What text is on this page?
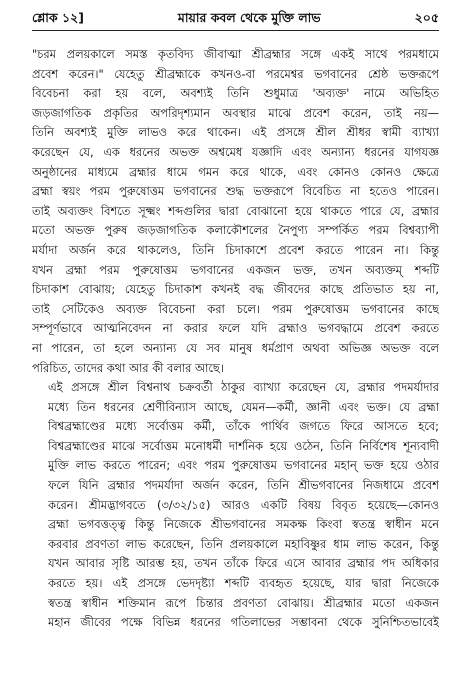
শ্লোক ১২]	মায়ার কবল থেকে মুক্তি লাভ	২০৫

"চরম প্রলয়কালে সমস্ত কৃতবিদ্য জীবাত্মা শ্রীব্রহ্মার সঙ্গে একই সাথে পরমধামে
প্রবেশ করেন।" যেহেতু শ্রীব্রহ্মাকে কখনও-বা পরমেশ্বর ভগবানের শ্রেষ্ঠ ভক্তরূপে
বিবেচনা করা হয় বলে, অবশ্যই তিনি শুধুমাত্র 'অব্যক্ত' নামে অভিহিত
জড়জাগতিক প্রকৃতির অপরিদৃশ্যমান অবস্থার মাঝে প্রবেশ করেন, তাই নয়—
তিনি অবশ্যই মুক্তি লাভও করে থাকেন। এই প্রসঙ্গে শ্রীল শ্রীধর স্বামী ব্যাখ্যা
করেছেন যে, এক ধরনের অভক্ত অশ্বমেধ যজ্ঞাদি এবং অন্যান্য ধরনের যাগযজ্ঞ
অনুষ্ঠানের মাধ্যমে ব্রহ্মার ধামে গমন করে থাকে, এবং কোনও কোনও ক্ষেত্রে
ব্রহ্মা স্বয়ং পরম পুরুষোত্তম ভগবানের শুদ্ধ ভক্তরূপে বিবেচিত না হতেও পারেন।
তাই অব্যক্তং বিশতে সূক্ষ্মং শব্দগুলির দ্বারা বোঝানো হয়ে থাকতে পারে যে, ব্রহ্মার
মতো অভক্ত পুরুষ জড়জাগতিক কলাকৌশলের নৈপুণ্য সম্পর্কিত পরম বিশ্বব্যাপী
মর্যাদা অর্জন করে থাকলেও, তিনি চিদাকাশে প্রবেশ করতে পারেন না। কিন্তু
যখন ব্রহ্মা পরম পুরুষোত্তম ভগবানের একজন ভক্ত, তখন অব্যক্তম্ শব্দটি
চিদাকাশ বোঝায়; যেহেতু চিদাকাশ কখনই বদ্ধ জীবদের কাছে প্রতিভাত হয় না,
তাই সেটিকেও অব্যক্ত বিবেচনা করা চলে। পরম পুরুষোত্তম ভগবানের কাছে
সম্পূর্ণভাবে আত্মনিবেদন না করার ফলে যদি ব্রহ্মাও ভগবদ্ধামে প্রবেশ করতে
না পারেন, তা হলে অন্যান্য যে সব মানুষ ধর্মপ্রাণ অথবা অভিজ্ঞ অভক্ত বলে
পরিচিত, তাদের কথা আর কী বলার আছে।

এই প্রসঙ্গে শ্রীল বিশ্বনাথ চক্রবর্তী ঠাকুর ব্যাখ্যা করেছেন যে, ব্রহ্মার পদমর্যাদার
মধ্যে তিন ধরনের শ্রেণীবিন্যাস আছে, যেমন—কর্মী, জ্ঞানী এবং ভক্ত। যে ব্রহ্মা
বিশ্বব্রহ্মাণ্ডের মধ্যে সর্বোত্তম কর্মী, তাঁকে পার্থিব জগতে ফিরে আসতে হবে;
বিশ্বব্রহ্মাণ্ডের মাঝে সর্বোত্তম মনোধর্মী দার্শনিক হয়ে ওঠেন, তিনি নির্বিশেষ শূন্যবাদী
মুক্তি লাভ করতে পারেন; এবং পরম পুরুষোত্তম ভগবানের মহান্ ভক্ত হয়ে ওঠার
ফলে যিনি ব্রহ্মার পদমর্যাদা অর্জন করেন, তিনি শ্রীভগবানের নিজধামে প্রবেশ
করেন। শ্রীমদ্ভাগবতে (৩/৩২/১৫) আরও একটি বিষয় বিবৃত হয়েছে—কোনও
ব্রহ্মা ভগবত্তত্ত্ব কিন্তু নিজেকে শ্রীভগবানের সমকক্ষ কিংবা স্বতন্ত্র স্বাধীন মনে
করবার প্রবণতা লাভ করেছেন, তিনি প্রলয়কালে মহাবিষ্ণুর ধাম লাভ করেন, কিন্তু
যখন আবার সৃষ্টি আরম্ভ হয়, তখন তাঁকে ফিরে এসে আবার ব্রহ্মার পদ অধিকার
করতে হয়। এই প্রসঙ্গে ভেদদৃষ্ট্যা শব্দটি ব্যবহৃত হয়েছে, যার দ্বারা নিজেকে
স্বতন্ত্র স্বাধীন শক্তিমান রূপে চিন্তার প্রবণতা বোঝায়। শ্রীব্রহ্মার মতো একজন
মহান জীবের পক্ষে বিভিন্ন ধরনের গতিলাভের সম্ভাবনা থেকে সুনিশ্চিতভাবেই
